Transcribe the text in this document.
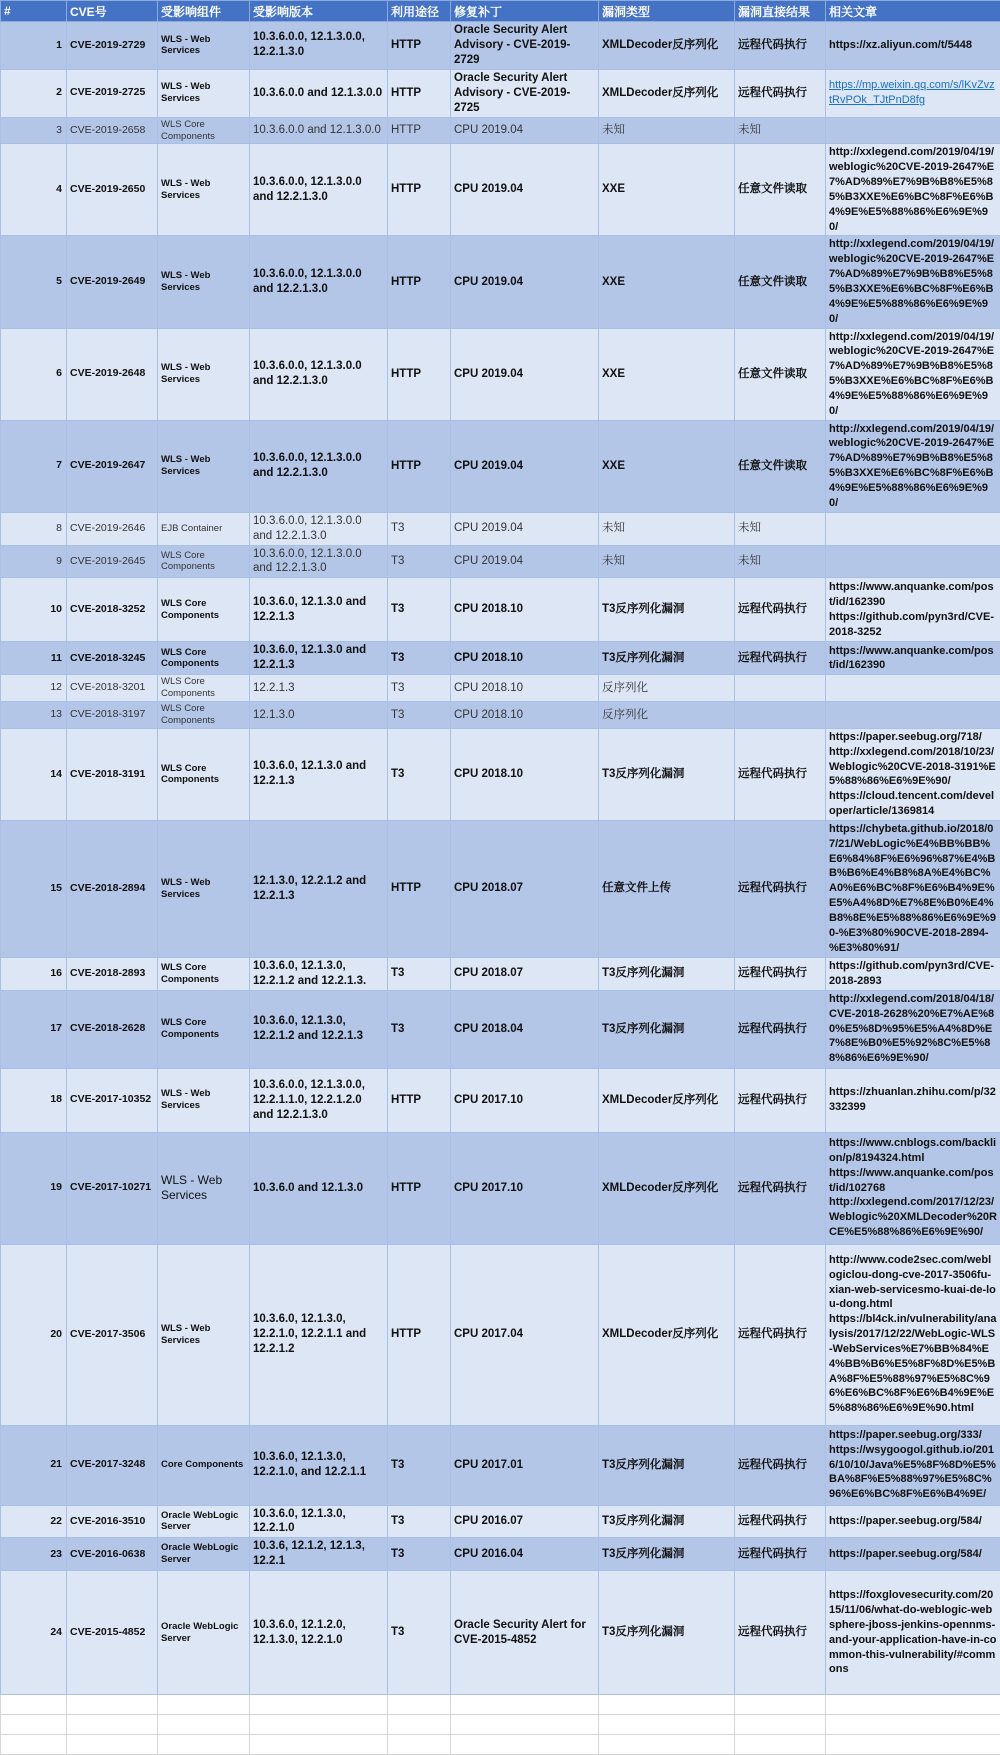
#	CVE号	受影响组件	受影响版本	利用途径	修复补丁	漏洞类型	漏洞直接结果	相关文章
1	CVE-2019-2729	WLS - Web Services	10.3.6.0.0, 12.1.3.0.0, 12.2.1.3.0	HTTP	Oracle Security Alert Advisory - CVE-2019-2729	XMLDecoder反序列化	远程代码执行	https://xz.aliyun.com/t/5448

2	CVE-2019-2725	WLS - Web Services	10.3.6.0.0 and 12.1.3.0.0	HTTP	Oracle Security Alert Advisory - CVE-2019-2725	XMLDecoder反序列化	远程代码执行	https://mp.weixin.qq.com/s/lKvZvztRvPOk_TJtPnD8fg

3	CVE-2019-2658	WLS Core Components	10.3.6.0.0 and 12.1.3.0.0	HTTP	CPU 2019.04	未知	未知	
4	CVE-2019-2650	WLS - Web Services	10.3.6.0.0, 12.1.3.0.0 and 12.2.1.3.0	HTTP	CPU 2019.04	XXE	任意文件读取	http://xxlegend.com/2019/04/19/weblogic%20CVE-2019-2647%E7%AD%89%E7%9B%B8%E5%85%B3XXE%E6%BC%8F%E6%B4%9E%E5%88%86%E6%9E%90/

5	CVE-2019-2649	WLS - Web Services	10.3.6.0.0, 12.1.3.0.0 and 12.2.1.3.0	HTTP	CPU 2019.04	XXE	任意文件读取	http://xxlegend.com/2019/04/19/weblogic%20CVE-2019-2647%E7%AD%89%E7%9B%B8%E5%85%B3XXE%E6%BC%8F%E6%B4%9E%E5%88%86%E6%9E%90/

6	CVE-2019-2648	WLS - Web Services	10.3.6.0.0, 12.1.3.0.0 and 12.2.1.3.0	HTTP	CPU 2019.04	XXE	任意文件读取	http://xxlegend.com/2019/04/19/weblogic%20CVE-2019-2647%E7%AD%89%E7%9B%B8%E5%85%B3XXE%E6%BC%8F%E6%B4%9E%E5%88%86%E6%9E%90/

7	CVE-2019-2647	WLS - Web Services	10.3.6.0.0, 12.1.3.0.0 and 12.2.1.3.0	HTTP	CPU 2019.04	XXE	任意文件读取	http://xxlegend.com/2019/04/19/weblogic%20CVE-2019-2647%E7%AD%89%E7%9B%B8%E5%85%B3XXE%E6%BC%8F%E6%B4%9E%E5%88%86%E6%9E%90/

8	CVE-2019-2646	EJB Container	10.3.6.0.0, 12.1.3.0.0 and 12.2.1.3.0	T3	CPU 2019.04	未知	未知	
9	CVE-2019-2645	WLS Core Components	10.3.6.0.0, 12.1.3.0.0 and 12.2.1.3.0	T3	CPU 2019.04	未知	未知	
10	CVE-2018-3252	WLS Core Components	10.3.6.0, 12.1.3.0 and 12.2.1.3	T3	CPU 2018.10	T3反序列化漏洞	远程代码执行	https://www.anquanke.com/post/id/162390
https://github.com/pyn3rd/CVE-2018-3252

11	CVE-2018-3245	WLS Core Components	10.3.6.0, 12.1.3.0 and 12.2.1.3	T3	CPU 2018.10	T3反序列化漏洞	远程代码执行	https://www.anquanke.com/post/id/162390

12	CVE-2018-3201	WLS Core Components	12.2.1.3	T3	CPU 2018.10	反序列化		
13	CVE-2018-3197	WLS Core Components	12.1.3.0	T3	CPU 2018.10	反序列化		
14	CVE-2018-3191	WLS Core Components	10.3.6.0, 12.1.3.0 and 12.2.1.3	T3	CPU 2018.10	T3反序列化漏洞	远程代码执行	https://paper.seebug.org/718/
http://xxlegend.com/2018/10/23/Weblogic%20CVE-2018-3191%E5%88%86%E6%9E%90/
https://cloud.tencent.com/developer/article/1369814

15	CVE-2018-2894	WLS - Web Services	12.1.3.0, 12.2.1.2 and 12.2.1.3	HTTP	CPU 2018.07	任意文件上传	远程代码执行	https://chybeta.github.io/2018/07/21/WebLogic%E4%BB%BB%E6%84%8F%E6%96%87%E4%BB%B6%E4%B8%8A%E4%BC%A0%E6%BC%8F%E6%B4%9E%E5%A4%8D%E7%8E%B0%E4%B8%8E%E5%88%86%E6%9E%90-%E3%80%90CVE-2018-2894-%E3%80%91/

16	CVE-2018-2893	WLS Core Components	10.3.6.0, 12.1.3.0, 12.2.1.2 and 12.2.1.3.	T3	CPU 2018.07	T3反序列化漏洞	远程代码执行	https://github.com/pyn3rd/CVE-2018-2893

17	CVE-2018-2628	WLS Core Components	10.3.6.0, 12.1.3.0, 12.2.1.2 and 12.2.1.3	T3	CPU 2018.04	T3反序列化漏洞	远程代码执行	http://xxlegend.com/2018/04/18/CVE-2018-2628%20%E7%AE%80%E5%8D%95%E5%A4%8D%E7%8E%B0%E5%92%8C%E5%88%86%E6%9E%90/

18	CVE-2017-10352	WLS - Web Services	10.3.6.0.0, 12.1.3.0.0, 12.2.1.1.0, 12.2.1.2.0 and 12.2.1.3.0	HTTP	CPU 2017.10	XMLDecoder反序列化	远程代码执行	https://zhuanlan.zhihu.com/p/32332399

19	CVE-2017-10271	WLS - Web Services	10.3.6.0 and 12.1.3.0	HTTP	CPU 2017.10	XMLDecoder反序列化	远程代码执行	https://www.cnblogs.com/backlion/p/8194324.html
https://www.anquanke.com/post/id/102768
http://xxlegend.com/2017/12/23/Weblogic%20XMLDecoder%20RCE%E5%88%86%E6%9E%90/

20	CVE-2017-3506	WLS - Web Services	10.3.6.0, 12.1.3.0, 12.2.1.0, 12.2.1.1 and 12.2.1.2	HTTP	CPU 2017.04	XMLDecoder反序列化	远程代码执行	http://www.code2sec.com/weblogiclou-dong-cve-2017-3506fu-xian-web-servicesmo-kuai-de-lou-dong.html
https://bl4ck.in/vulnerability/analysis/2017/12/22/WebLogic-WLS-WebServices%E7%BB%84%E4%BB%B6%E5%8F%8D%E5%BA%8F%E5%88%97%E5%8C%96%E6%BC%8F%E6%B4%9E%E5%88%86%E6%9E%90.html

21	CVE-2017-3248	Core Components	10.3.6.0, 12.1.3.0, 12.2.1.0, and 12.2.1.1	T3	CPU 2017.01	T3反序列化漏洞	远程代码执行	https://paper.seebug.org/333/
https://wsygoogol.github.io/2016/10/10/Java%E5%8F%8D%E5%BA%8F%E5%88%97%E5%8C%96%E6%BC%8F%E6%B4%9E/

22	CVE-2016-3510	Oracle WebLogic Server	10.3.6.0, 12.1.3.0, 12.2.1.0	T3	CPU 2016.07	T3反序列化漏洞	远程代码执行	https://paper.seebug.org/584/

23	CVE-2016-0638	Oracle WebLogic Server	10.3.6, 12.1.2, 12.1.3, 12.2.1	T3	CPU 2016.04	T3反序列化漏洞	远程代码执行	https://paper.seebug.org/584/

24	CVE-2015-4852	Oracle WebLogic Server	10.3.6.0, 12.1.2.0, 12.1.3.0, 12.2.1.0	T3	Oracle Security Alert for CVE-2015-4852	T3反序列化漏洞	远程代码执行	https://foxglovesecurity.com/2015/11/06/what-do-weblogic-websphere-jboss-jenkins-opennms-and-your-application-have-in-common-this-vulnerability/#commons
